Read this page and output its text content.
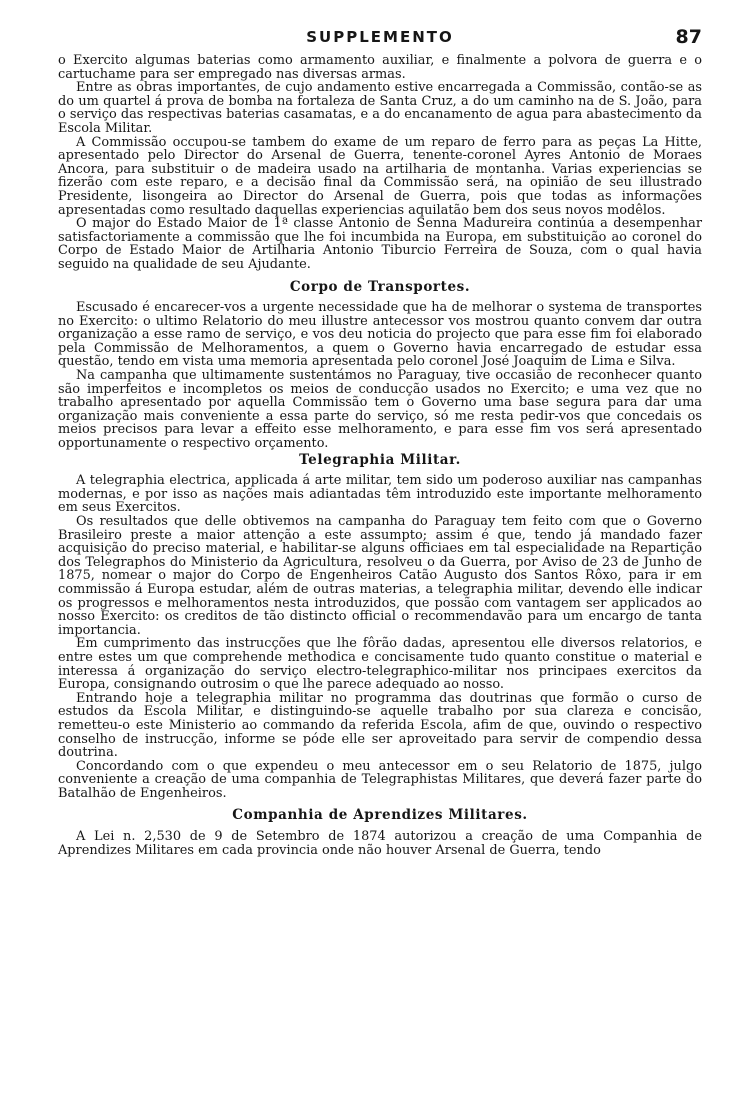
SUPPLEMENTO	87

o Exercito algumas baterias como armamento auxiliar, e finalmente a polvora de guerra e o cartuchame para ser empregado nas diversas armas.

Entre as obras importantes, de cujo andamento estive encarregada a Commissão, contão-se as do um quartel á prova de bomba na fortaleza de Santa Cruz, a do um caminho na de S. João, para o serviço das respectivas baterias casamatas, e a do encanamento de agua para abastecimento da Escola Militar.

A Commissão occupou-se tambem do exame de um reparo de ferro para as peças La Hitte, apresentado pelo Director do Arsenal de Guerra, tenente-coronel Ayres Antonio de Moraes Ancora, para substituir o de madeira usado na artilharia de montanha. Varias experiencias se fizerão com este reparo, e a decisão final da Commissão será, na opinião de seu illustrado Presidente, lisongeira ao Director do Arsenal de Guerra, pois que todas as informações apresentadas como resultado daquellas experiencias aquilatão bem dos seus novos modêlos.

O major do Estado Maior de 1ª classe Antonio de Senna Madureira continúa a desempenhar satisfactoriamente a commissão que lhe foi incumbida na Europa, em substituição ao coronel do Corpo de Estado Maior de Artilharia Antonio Tiburcio Ferreira de Souza, com o qual havia seguido na qualidade de seu Ajudante.

Corpo de Transportes.

Escusado é encarecer-vos a urgente necessidade que ha de melhorar o systema de transportes no Exercito: o ultimo Relatorio do meu illustre antecessor vos mostrou quanto convem dar outra organização a esse ramo de serviço, e vos deu noticia do projecto que para esse fim foi elaborado pela Commissão de Melhoramentos, a quem o Governo havia encarregado de estudar essa questão, tendo em vista uma memoria apresentada pelo coronel José Joaquim de Lima e Silva.

Na campanha que ultimamente sustentámos no Paraguay, tive occasião de reconhecer quanto são imperfeitos e incompletos os meios de conducção usados no Exercito; e uma vez que no trabalho apresentado por aquella Commissão tem o Governo uma base segura para dar uma organização mais conveniente a essa parte do serviço, só me resta pedir-vos que concedais os meios precisos para levar a effeito esse melhoramento, e para esse fim vos será apresentado opportunamente o respectivo orçamento.

Telegraphia Militar.

A telegraphia electrica, applicada á arte militar, tem sido um poderoso auxiliar nas campanhas modernas, e por isso as nações mais adiantadas têm introduzido este importante melhoramento em seus Exercitos.

Os resultados que delle obtivemos na campanha do Paraguay tem feito com que o Governo Brasileiro preste a maior attenção a este assumpto; assim é que, tendo já mandado fazer acquisição do preciso material, e habilitar-se alguns officiaes em tal especialidade na Repartição dos Telegraphos do Ministerio da Agricultura, resolveu o da Guerra, por Aviso de 23 de Junho de 1875, nomear o major do Corpo de Engenheiros Catão Augusto dos Santos Rôxo, para ir em commissão á Europa estudar, além de outras materias, a telegraphia militar, devendo elle indicar os progressos e melhoramentos nesta introduzidos, que possão com vantagem ser applicados ao nosso Exercito: os creditos de tão distincto official o recommendavão para um encargo de tanta importancia.

Em cumprimento das instrucções que lhe fôrão dadas, apresentou elle diversos relatorios, e entre estes um que comprehende methodica e concisamente tudo quanto constitue o material e interessa á organização do serviço electro-telegraphico-militar nos principaes exercitos da Europa, consignando outrosim o que lhe parece adequado ao nosso.

Entrando hoje a telegraphia militar no programma das doutrinas que formão o curso de estudos da Escola Militar, e distinguindo-se aquelle trabalho por sua clareza e concisão, remetteu-o este Ministerio ao commando da referida Escola, afim de que, ouvindo o respectivo conselho de instrucção, informe se póde elle ser aproveitado para servir de compendio dessa doutrina.

Concordando com o que expendeu o meu antecessor em o seu Relatorio de 1875, julgo conveniente a creação de uma companhia de Telegraphistas Militares, que deverá fazer parte do Batalhão de Engenheiros.

Companhia de Aprendizes Militares.

A Lei n. 2,530 de 9 de Setembro de 1874 autorizou a creação de uma Companhia de Aprendizes Militares em cada provincia onde não houver Arsenal de Guerra, tendo
